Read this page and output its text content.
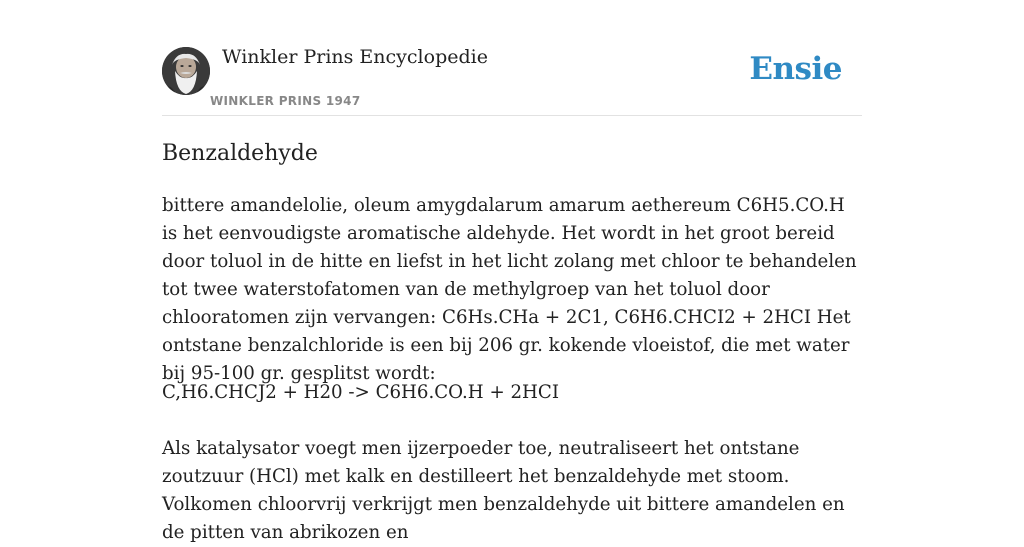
Winkler Prins Encyclopedie
WINKLER PRINS 1947
Ensie
Benzaldehyde

bittere amandelolie, oleum amygdalarum amarum aethereum C6H5.CO.H is het eenvoudigste aromatische aldehyde. Het wordt in het groot bereid door toluol in de hitte en liefst in het licht zolang met chloor te behandelen tot twee waterstofatomen van de methylgroep van het toluol door chlooratomen zijn vervangen: C6Hs.CHa + 2C1, C6H6.CHCI2 + 2HCI Het ontstane benzalchloride is een bij 206 gr. kokende vloeistof, die met water bij 95-100 gr. gesplitst wordt:

C,H6.CHCJ2 + H20 -> C6H6.CO.H + 2HCI

Als katalysator voegt men ijzerpoeder toe, neutraliseert het ontstane zoutzuur (HCl) met kalk en destilleert het benzaldehyde met stoom. Volkomen chloorvrij verkrijgt men benzaldehyde uit bittere amandelen en de pitten van abrikozen en
